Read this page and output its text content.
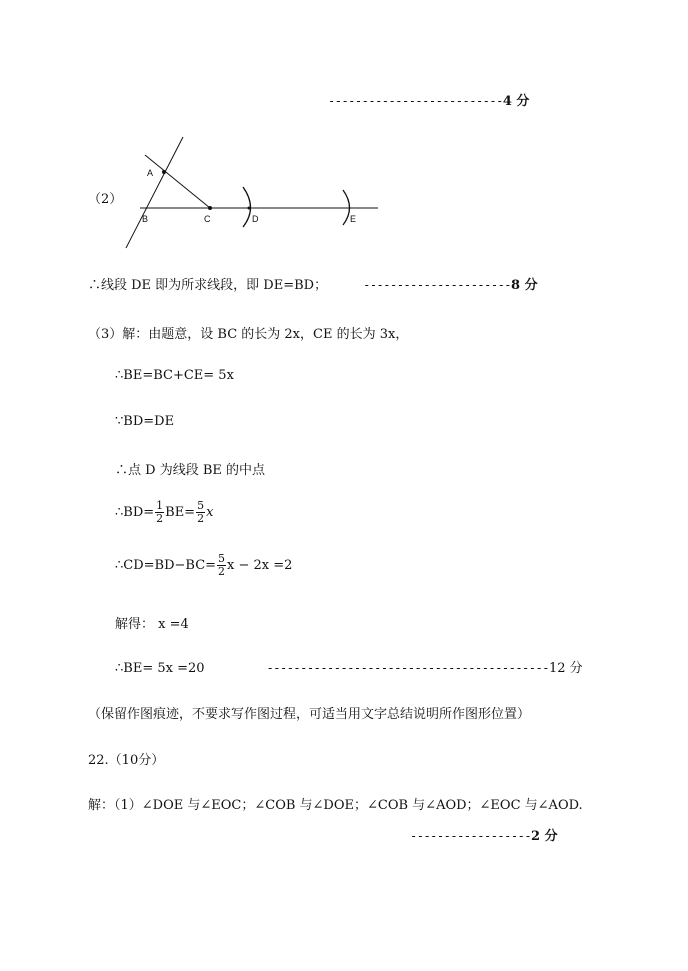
--------------------------4 分
（2）
A
B	C	D	E
∴线段 DE 即为所求线段，即 DE=BD；	----------------------8 分
（3）解：由题意，设 BC 的长为 2x，CE 的长为 3x，
∴BE=BC+CE= 5x
∵BD=DE
∴点 D 为线段 BE 的中点
∴BD= $\frac{1}{2} BE= \frac{5}{2}$ x
∴CD=BD−BC= $\frac{5}{2}$ x − 2x =2
解得： x =4
∴BE= 5x =20	------------------------------------------12 分
（保留作图痕迹，不要求写作图过程，可适当用文字总结说明所作图形位置）
22.（10分）
解：（1）∠DOE 与∠EOC；∠COB 与∠DOE；∠COB 与∠AOD；∠EOC 与∠AOD.
------------------2 分
